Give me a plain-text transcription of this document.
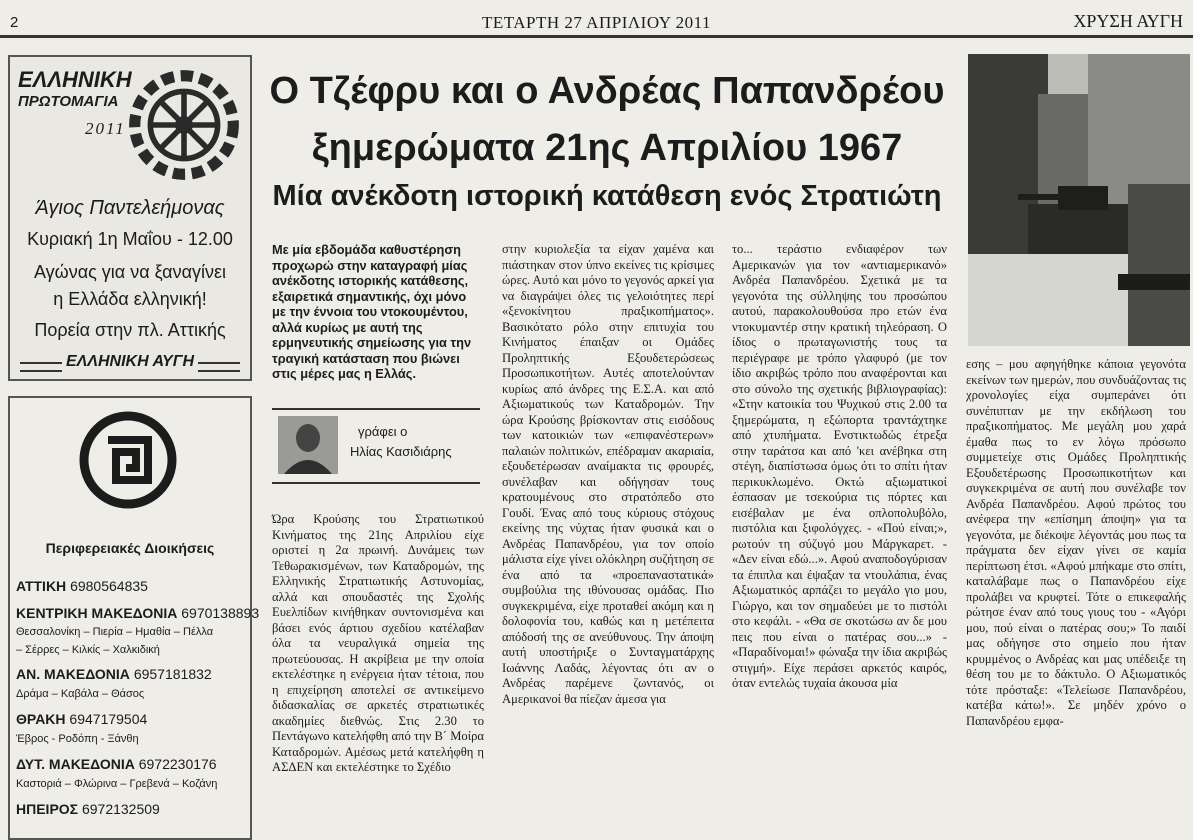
2	ΤΕΤΑΡΤΗ 27 ΑΠΡΙΛΙΟΥ 2011	ΧΡΥΣΗ ΑΥΓΗ
ΕΛΛΗΝΙΚΗ
ΠΡΩΤΟΜΑΓΙΑ
2011
Άγιος Παντελεήμονας
Κυριακή 1η Μαΐου - 12.00
Αγώνας για να ξαναγίνει
η Ελλάδα ελληνική!
Πορεία στην πλ. Αττικής
ΕΛΛΗΝΙΚΗ ΑΥΓΗ
Περιφερειακές Διοικήσεις
ΑΤΤΙΚΗ 6980564835
ΚΕΝΤΡΙΚΗ ΜΑΚΕΔΟΝΙΑ 6970138893
Θεσσαλονίκη – Πιερία – Ημαθία – Πέλλα
– Σέρρες – Κιλκίς – Χαλκιδική
ΑΝ. ΜΑΚΕΔΟΝΙΑ 6957181832
Δράμα – Καβάλα – Θάσος
ΘΡΑΚΗ 6947179504
Έβρος - Ροδόπη - Ξάνθη
ΔΥΤ. ΜΑΚΕΔΟΝΙΑ 6972230176
Καστοριά – Φλώρινα – Γρεβενά – Κοζάνη
ΗΠΕΙΡΟΣ 6972132509
Ο Τζέφρυ και ο Ανδρέας Παπανδρέου
ξημερώματα 21ης Απριλίου 1967
Μία ανέκδοτη ιστορική κατάθεση ενός Στρατιώτη
Με μία εβδομάδα καθυστέρηση προχωρώ στην καταγραφή μίας ανέκδοτης ιστορικής κατάθεσης, εξαιρετικά σημαντικής, όχι μόνο με την έννοια του ντοκουμέντου, αλλά κυρίως με αυτή της ερμηνευτικής σημείωσης για την τραγική κατάσταση που βιώνει στις μέρες μας η Ελλάς.
γράφει ο
Ηλίας Κασιδιάρης
Ώρα Κρούσης του Στρατιωτικού Κινήματος της 21ης Απριλίου είχε οριστεί η 2α πρωινή. Δυνάμεις των Τεθωρακισμένων, των Καταδρομών, της Ελληνικής Στρατιωτικής Αστυνομίας, αλλά και σπουδαστές της Σχολής Ευελπίδων κινήθηκαν συντονισμένα και βάσει ενός άρτιου σχεδίου κατέλαβαν όλα τα νευραλγικά σημεία της πρωτεύουσας. Η ακρίβεια με την οποία εκτελέστηκε η ενέργεια ήταν τέτοια, που η επιχείρηση αποτελεί σε αντικείμενο διδασκαλίας σε αρκετές στρατιωτικές ακαδημίες διεθνώς. Στις 2.30 το Πεντάγωνο κατελήφθη από την Β΄ Μοίρα Καταδρομών. Αμέσως μετά κατελήφθη η ΑΣΔΕΝ και εκτελέστηκε το Σχέδιο
στην κυριολεξία τα είχαν χαμένα και πιάστηκαν στον ύπνο εκείνες τις κρίσιμες ώρες. Αυτό και μόνο το γεγονός αρκεί για να διαγράψει όλες τις γελοιότητες περί «ξενοκίνητου πραξικοπήματος». Βασικότατο ρόλο στην επιτυχία του Κινήματος έπαιξαν οι Ομάδες Προληπτικής Εξουδετερώσεως Προσωπικοτήτων. Αυτές αποτελούνταν κυρίως από άνδρες της Ε.Σ.Α. και από Αξιωματικούς των Καταδρομών. Την ώρα Κρούσης βρίσκονταν στις εισόδους των κατοικιών των «επιφανέστερων» παλαιών πολιτικών, επέδραμαν ακαριαία, εξουδετέρωσαν αναίμακτα τις φρουρές, συνέλαβαν και οδήγησαν τους κρατουμένους στο στρατόπεδο στο Γουδί. Ένας από τους κύριους στόχους εκείνης της νύχτας ήταν φυσικά και ο Ανδρέας Παπανδρέου, για τον οποίο μάλιστα είχε γίνει ολόκληρη συζήτηση σε ένα από τα «προεπαναστατικά» συμβούλια της ιθύνουσας ομάδας. Πιο συγκεκριμένα, είχε προταθεί ακόμη και η δολοφονία του, καθώς και η μετέπειτα απόδοσή της σε ανεύθυνους. Την άποψη αυτή υποστήριξε ο Συνταγματάρχης Ιωάννης Λαδάς, λέγοντας ότι αν ο Ανδρέας παρέμενε ζωντανός, οι Αμερικανοί θα πίεζαν άμεσα για
το... τεράστιο ενδιαφέρον των Αμερικανών για τον «αντιαμερικανό» Ανδρέα Παπανδρέου. Σχετικά με τα γεγονότα της σύλληψης του προσώπου αυτού, παρακολουθούσα προ ετών ένα ντοκυμαντέρ στην κρατική τηλεόραση. Ο ίδιος ο πρωταγωνιστής τους τα περιέγραφε με τρόπο γλαφυρό (με τον ίδιο ακριβώς τρόπο που αναφέρονται και στο σύνολο της σχετικής βιβλιογραφίας): «Στην κατοικία του Ψυχικού στις 2.00 τα ξημερώματα, η εξώπορτα τραντάχτηκε από χτυπήματα. Ενστικτωδώς έτρεξα στην ταράτσα και από 'κει ανέβηκα στη στέγη, διαπίστωσα όμως ότι το σπίτι ήταν περικυκλωμένο. Οκτώ αξιωματικοί έσπασαν με τσεκούρια τις πόρτες και εισέβαλαν με ένα οπλοπολυβόλο, πιστόλια και ξιφολόγχες. - «Πού είναι;», ρωτούν τη σύζυγό μου Μάργκαρετ. - «Δεν είναι εδώ...». Αφού αναποδογύρισαν τα έπιπλα και έψαξαν τα ντουλάπια, ένας Αξιωματικός αρπάζει το μεγάλο γιο μου, Γιώργο, και τον σημαδεύει με το πιστόλι στο κεφάλι. - «Θα σε σκοτώσω αν δε μου πεις που είναι ο πατέρας σου...» - «Παραδίνομαι!» φώναξα την ίδια ακριβώς στιγμή». Είχε περάσει αρκετός καιρός, όταν εντελώς τυχαία άκουσα μία
εσης – μου αφηγήθηκε κάποια γεγονότα εκείνων των ημερών, που συνδυάζοντας τις χρονολογίες είχα συμπεράνει ότι συνέπιπταν με την εκδήλωση του πραξικοπήματος. Με μεγάλη μου χαρά έμαθα πως το εν λόγω πρόσωπο συμμετείχε στις Ομάδες Προληπτικής Εξουδετέρωσης Προσωπικοτήτων και συγκεκριμένα σε αυτή που συνέλαβε τον Ανδρέα Παπανδρέου. Αφού πρώτος του ανέφερα την «επίσημη άποψη» για τα γεγονότα, με διέκοψε λέγοντάς μου πως τα πράγματα δεν είχαν γίνει σε καμία περίπτωση έτσι. «Αφού μπήκαμε στο σπίτι, καταλάβαμε πως ο Παπανδρέου είχε προλάβει να κρυφτεί. Τότε ο επικεφαλής ρώτησε έναν από τους γιους του - «Αγόρι μου, πού είναι ο πατέρας σου;» Το παιδί μας οδήγησε στο σημείο που ήταν κρυμμένος ο Ανδρέας και μας υπέδειξε τη θέση του με το δάκτυλο. Ο Αξιωματικός τότε πρόσταξε: «Τελείωσε Παπανδρέου, κατέβα κάτω!». Σε μηδέν χρόνο ο Παπανδρέου εμφα-
